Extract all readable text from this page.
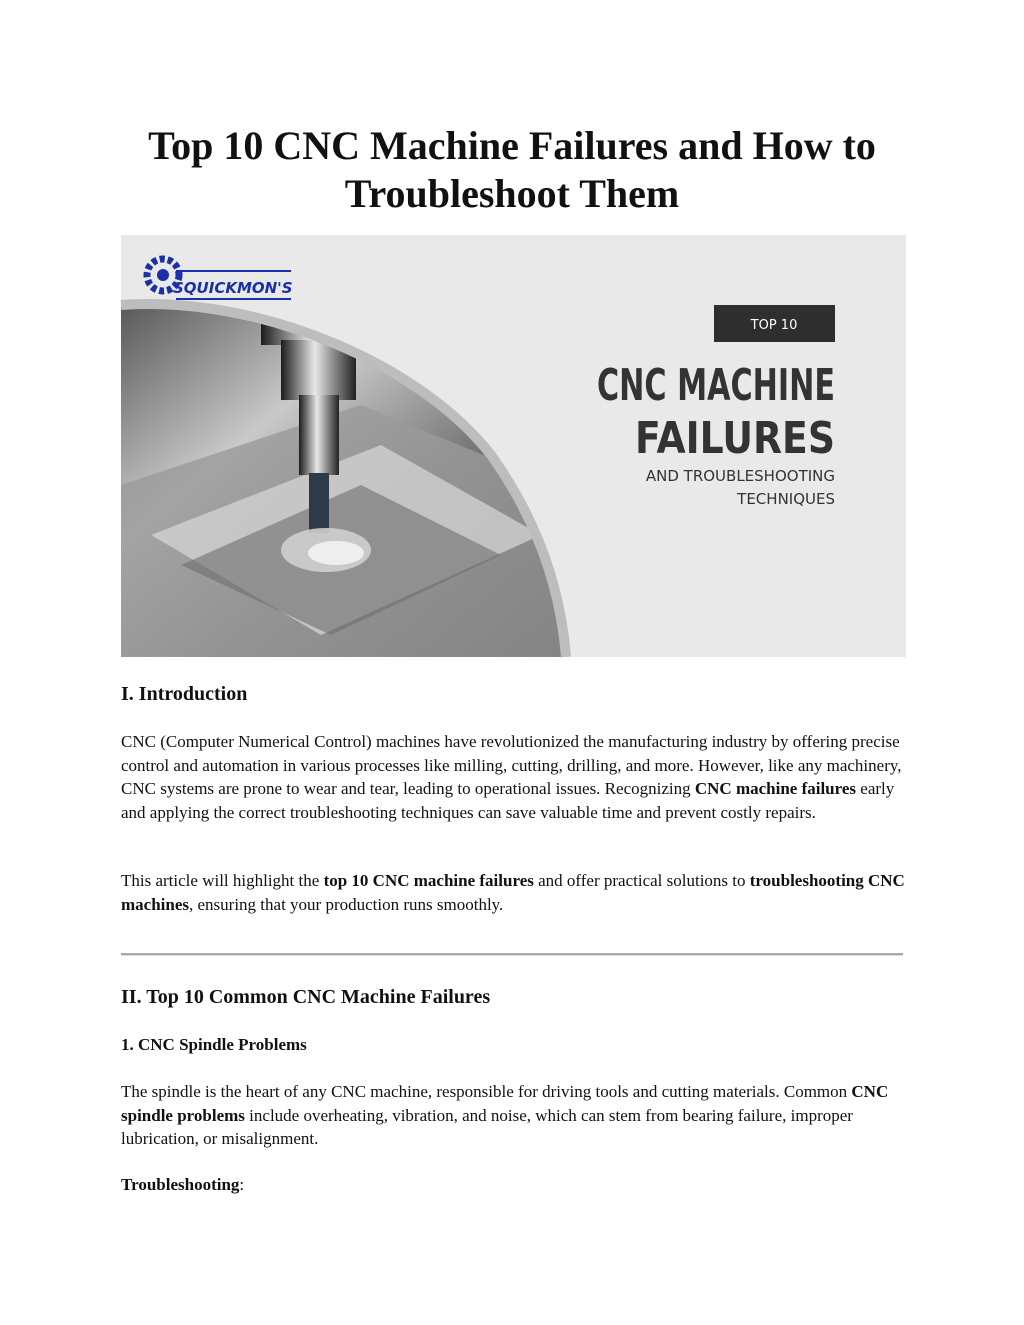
Top 10 CNC Machine Failures and How to Troubleshoot Them
SQUICKMON'S
TOP 10
CNC MACHINE
FAILURES
AND TROUBLESHOOTING
TECHNIQUES
I. Introduction

CNC (Computer Numerical Control) machines have revolutionized the manufacturing industry by offering precise control and automation in various processes like milling, cutting, drilling, and more. However, like any machinery, CNC systems are prone to wear and tear, leading to operational issues. Recognizing CNC machine failures early and applying the correct troubleshooting techniques can save valuable time and prevent costly repairs.

This article will highlight the top 10 CNC machine failures and offer practical solutions to troubleshooting CNC machines, ensuring that your production runs smoothly.

II. Top 10 Common CNC Machine Failures
1. CNC Spindle Problems

The spindle is the heart of any CNC machine, responsible for driving tools and cutting materials. Common CNC spindle problems include overheating, vibration, and noise, which can stem from bearing failure, improper lubrication, or misalignment.

Troubleshooting:
